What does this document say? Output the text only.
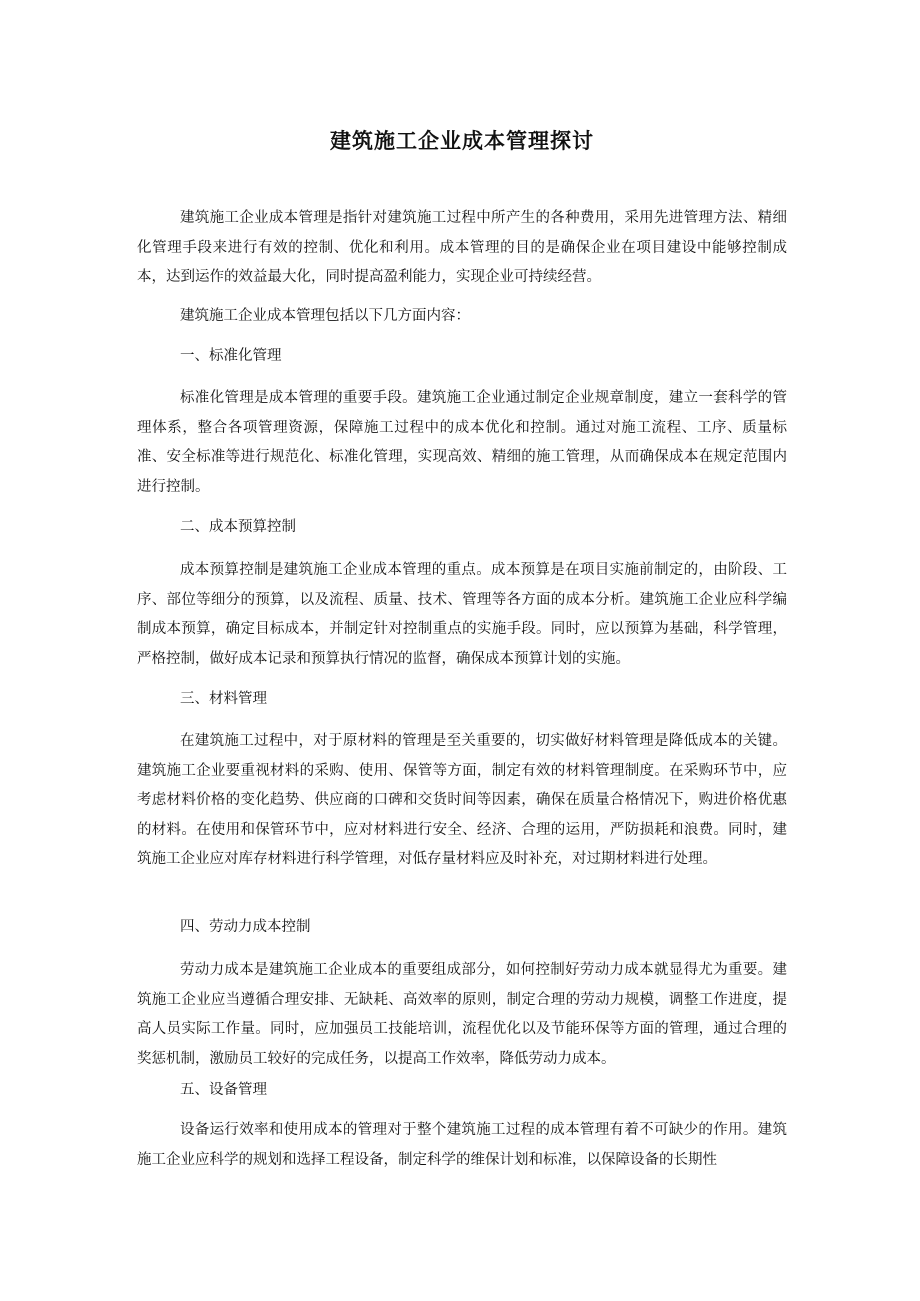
建筑施工企业成本管理探讨

建筑施工企业成本管理是指针对建筑施工过程中所产生的各种费用，采用先进管理方法、精细化管理手段来进行有效的控制、优化和利用。成本管理的目的是确保企业在项目建设中能够控制成本，达到运作的效益最大化，同时提高盈利能力，实现企业可持续经营。

建筑施工企业成本管理包括以下几方面内容：

一、标准化管理

标准化管理是成本管理的重要手段。建筑施工企业通过制定企业规章制度，建立一套科学的管理体系，整合各项管理资源，保障施工过程中的成本优化和控制。通过对施工流程、工序、质量标准、安全标准等进行规范化、标准化管理，实现高效、精细的施工管理，从而确保成本在规定范围内进行控制。

二、成本预算控制

成本预算控制是建筑施工企业成本管理的重点。成本预算是在项目实施前制定的，由阶段、工序、部位等细分的预算，以及流程、质量、技术、管理等各方面的成本分析。建筑施工企业应科学编制成本预算，确定目标成本，并制定针对控制重点的实施手段。同时，应以预算为基础，科学管理，严格控制，做好成本记录和预算执行情况的监督，确保成本预算计划的实施。

三、材料管理

在建筑施工过程中，对于原材料的管理是至关重要的，切实做好材料管理是降低成本的关键。建筑施工企业要重视材料的采购、使用、保管等方面，制定有效的材料管理制度。在采购环节中，应考虑材料价格的变化趋势、供应商的口碑和交货时间等因素，确保在质量合格情况下，购进价格优惠的材料。在使用和保管环节中，应对材料进行安全、经济、合理的运用，严防损耗和浪费。同时，建筑施工企业应对库存材料进行科学管理，对低存量材料应及时补充，对过期材料进行处理。

四、劳动力成本控制

劳动力成本是建筑施工企业成本的重要组成部分，如何控制好劳动力成本就显得尤为重要。建筑施工企业应当遵循合理安排、无缺耗、高效率的原则，制定合理的劳动力规模，调整工作进度，提高人员实际工作量。同时，应加强员工技能培训，流程优化以及节能环保等方面的管理，通过合理的奖惩机制，激励员工较好的完成任务，以提高工作效率，降低劳动力成本。

五、设备管理

设备运行效率和使用成本的管理对于整个建筑施工过程的成本管理有着不可缺少的作用。建筑施工企业应科学的规划和选择工程设备，制定科学的维保计划和标准，以保障设备的长期性
